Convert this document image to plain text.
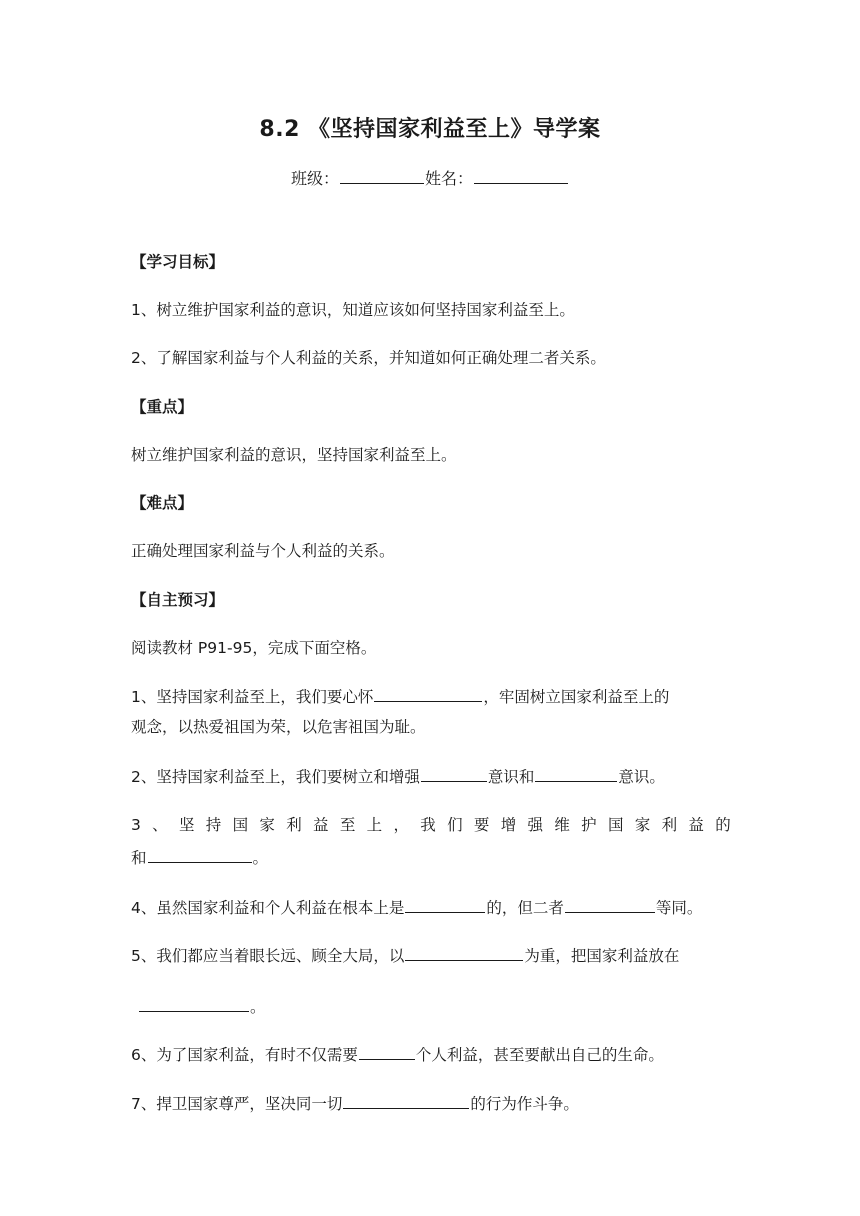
8.2 《坚持国家利益至上》导学案
班级：	姓名：
【学习目标】
1、树立维护国家利益的意识，知道应该如何坚持国家利益至上。
2、了解国家利益与个人利益的关系，并知道如何正确处理二者关系。
【重点】
树立维护国家利益的意识，坚持国家利益至上。
【难点】
正确处理国家利益与个人利益的关系。
【自主预习】
阅读教材 P91-95，完成下面空格。
1、坚持国家利益至上，我们要心怀	，牢固树立国家利益至上的
观念，以热爱祖国为荣，以危害祖国为耻。
2、坚持国家利益至上，我们要树立和增强	意识和	意识。
3 、 坚 持 国 家 利 益 至 上 ， 我 们 要 增 强 维 护 国 家 利 益 的
和	。
4、虽然国家利益和个人利益在根本上是	的，但二者	等同。
5、我们都应当着眼长远、顾全大局，以	为重，把国家利益放在
。
6、为了国家利益，有时不仅需要	个人利益，甚至要献出自己的生命。
7、捍卫国家尊严，坚决同一切	的行为作斗争。
